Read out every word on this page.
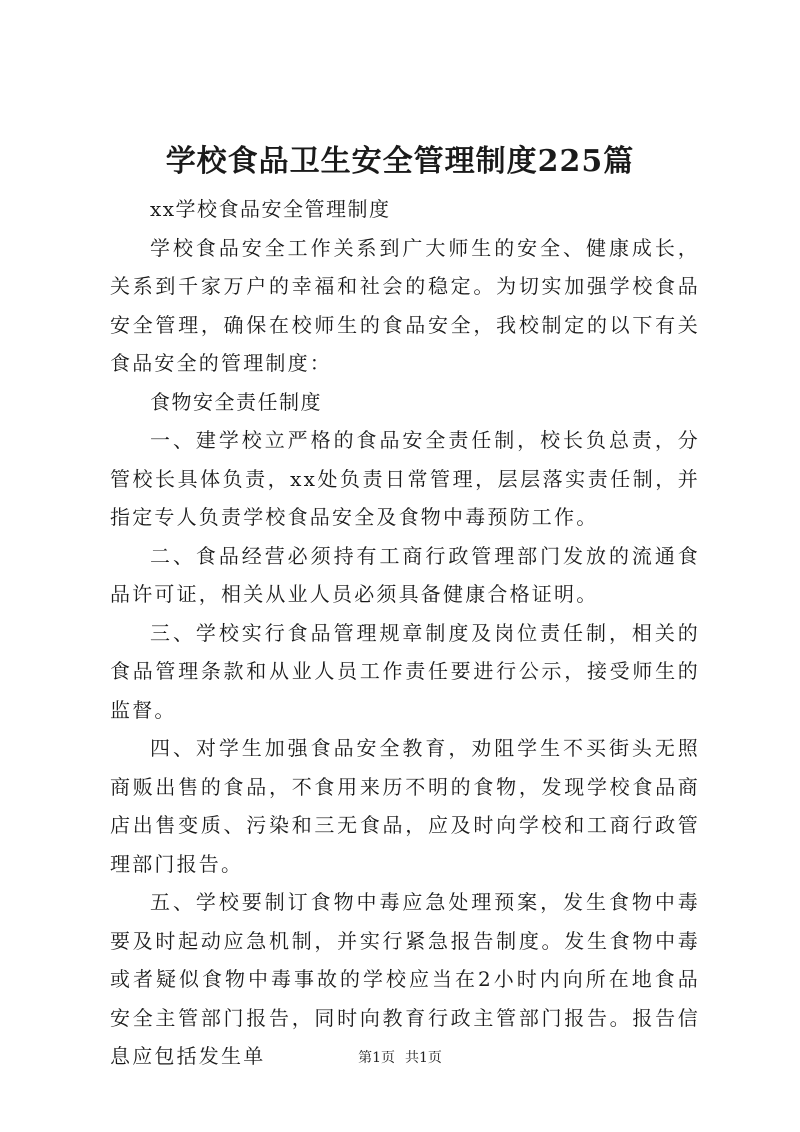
学校食品卫生安全管理制度225篇

xx学校食品安全管理制度

学校食品安全工作关系到广大师生的安全、健康成长，关系到千家万户的幸福和社会的稳定。为切实加强学校食品安全管理，确保在校师生的食品安全，我校制定的以下有关食品安全的管理制度：

食物安全责任制度

一、建学校立严格的食品安全责任制，校长负总责，分管校长具体负责，xx处负责日常管理，层层落实责任制，并指定专人负责学校食品安全及食物中毒预防工作。

二、食品经营必须持有工商行政管理部门发放的流通食品许可证，相关从业人员必须具备健康合格证明。

三、学校实行食品管理规章制度及岗位责任制，相关的食品管理条款和从业人员工作责任要进行公示，接受师生的监督。

四、对学生加强食品安全教育，劝阻学生不买街头无照商贩出售的食品，不食用来历不明的食物，发现学校食品商店出售变质、污染和三无食品，应及时向学校和工商行政管理部门报告。

五、学校要制订食物中毒应急处理预案，发生食物中毒要及时起动应急机制，并实行紧急报告制度。发生食物中毒或者疑似食物中毒事故的学校应当在2小时内向所在地食品安全主管部门报告，同时向教育行政主管部门报告。报告信息应包括发生单	第1页 共1页
